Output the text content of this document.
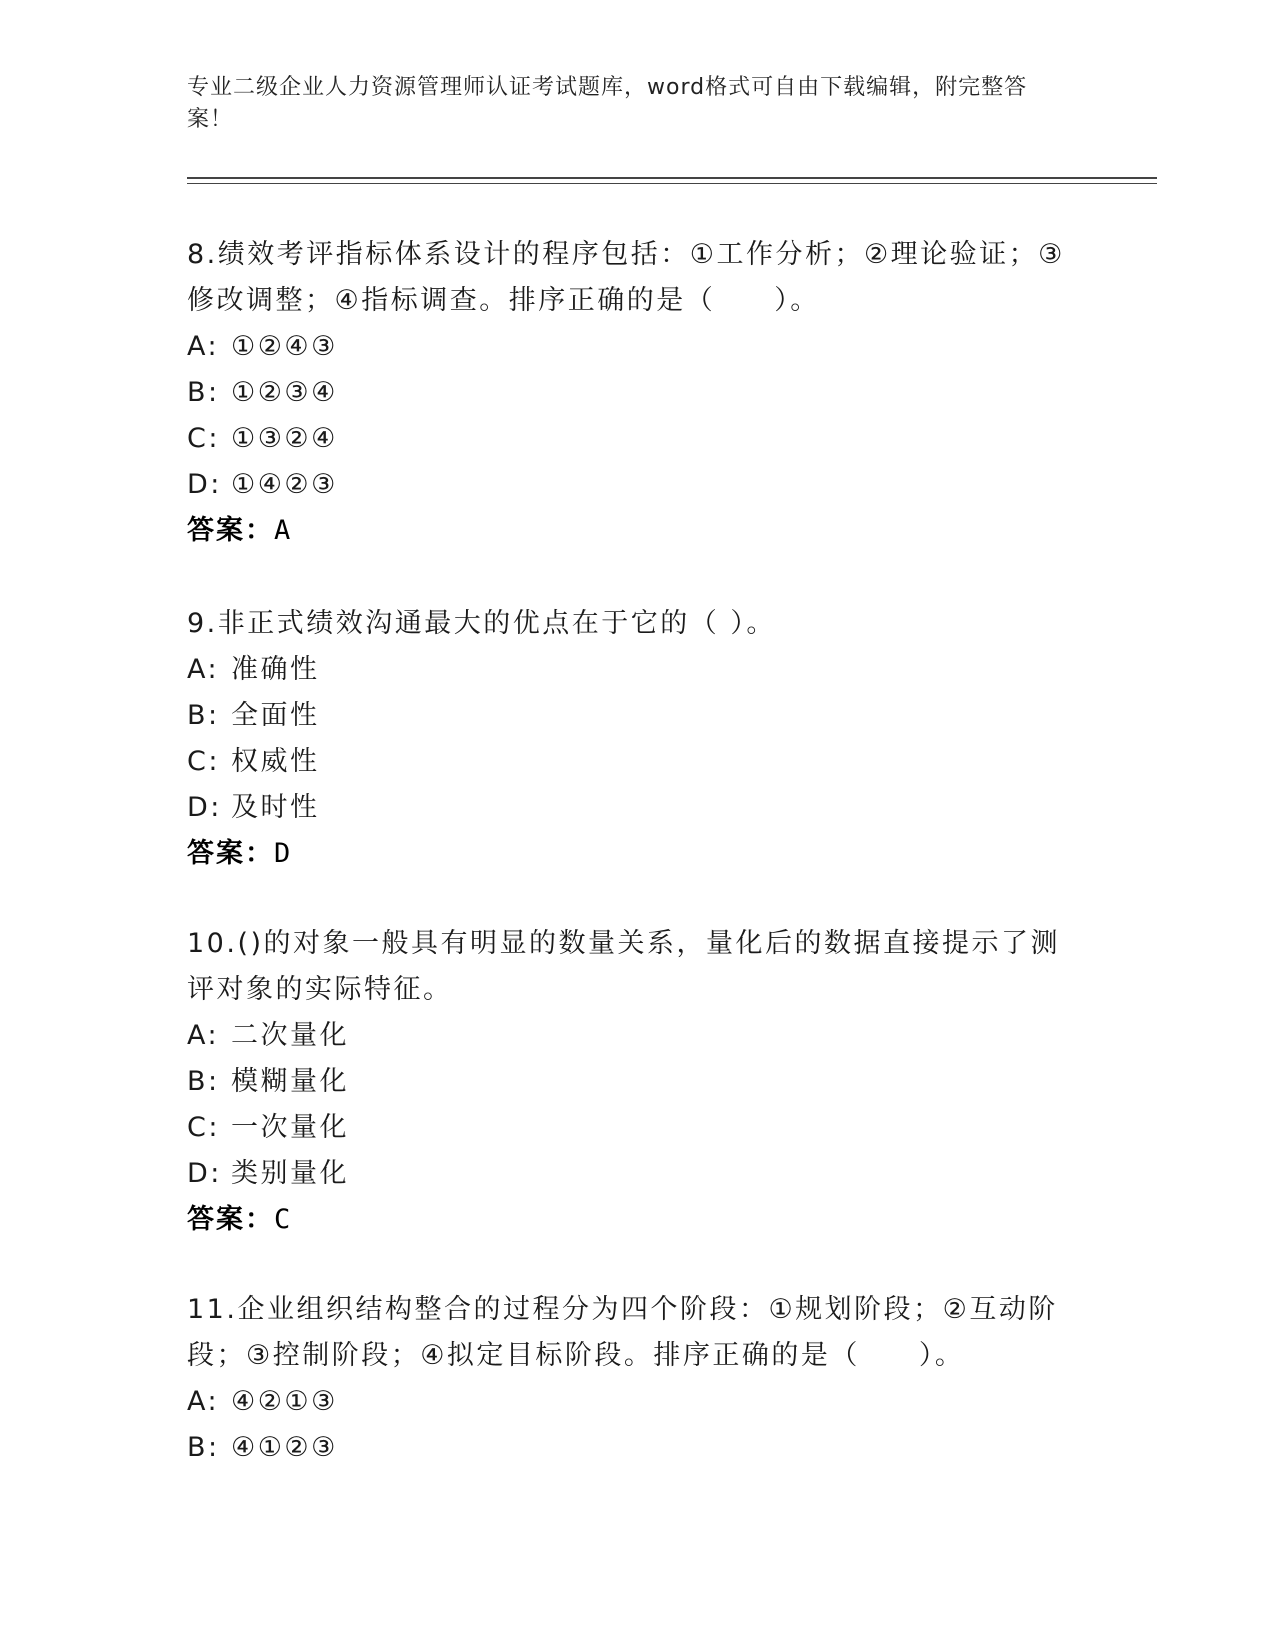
专业二级企业人力资源管理师认证考试题库，word格式可自由下载编辑，附完整答案！
8.绩效考评指标体系设计的程序包括：①工作分析；②理论验证；③修改调整；④指标调查。排序正确的是（　　）。
A: ①②④③
B: ①②③④
C: ①③②④
D: ①④②③
答案：A
9.非正式绩效沟通最大的优点在于它的（ ）。
A: 准确性
B: 全面性
C: 权威性
D: 及时性
答案：D
10.()的对象一般具有明显的数量关系，量化后的数据直接提示了测评对象的实际特征。
A: 二次量化
B: 模糊量化
C: 一次量化
D: 类别量化
答案：C
11.企业组织结构整合的过程分为四个阶段：①规划阶段；②互动阶段；③控制阶段；④拟定目标阶段。排序正确的是（　　）。
A: ④②①③
B: ④①②③
